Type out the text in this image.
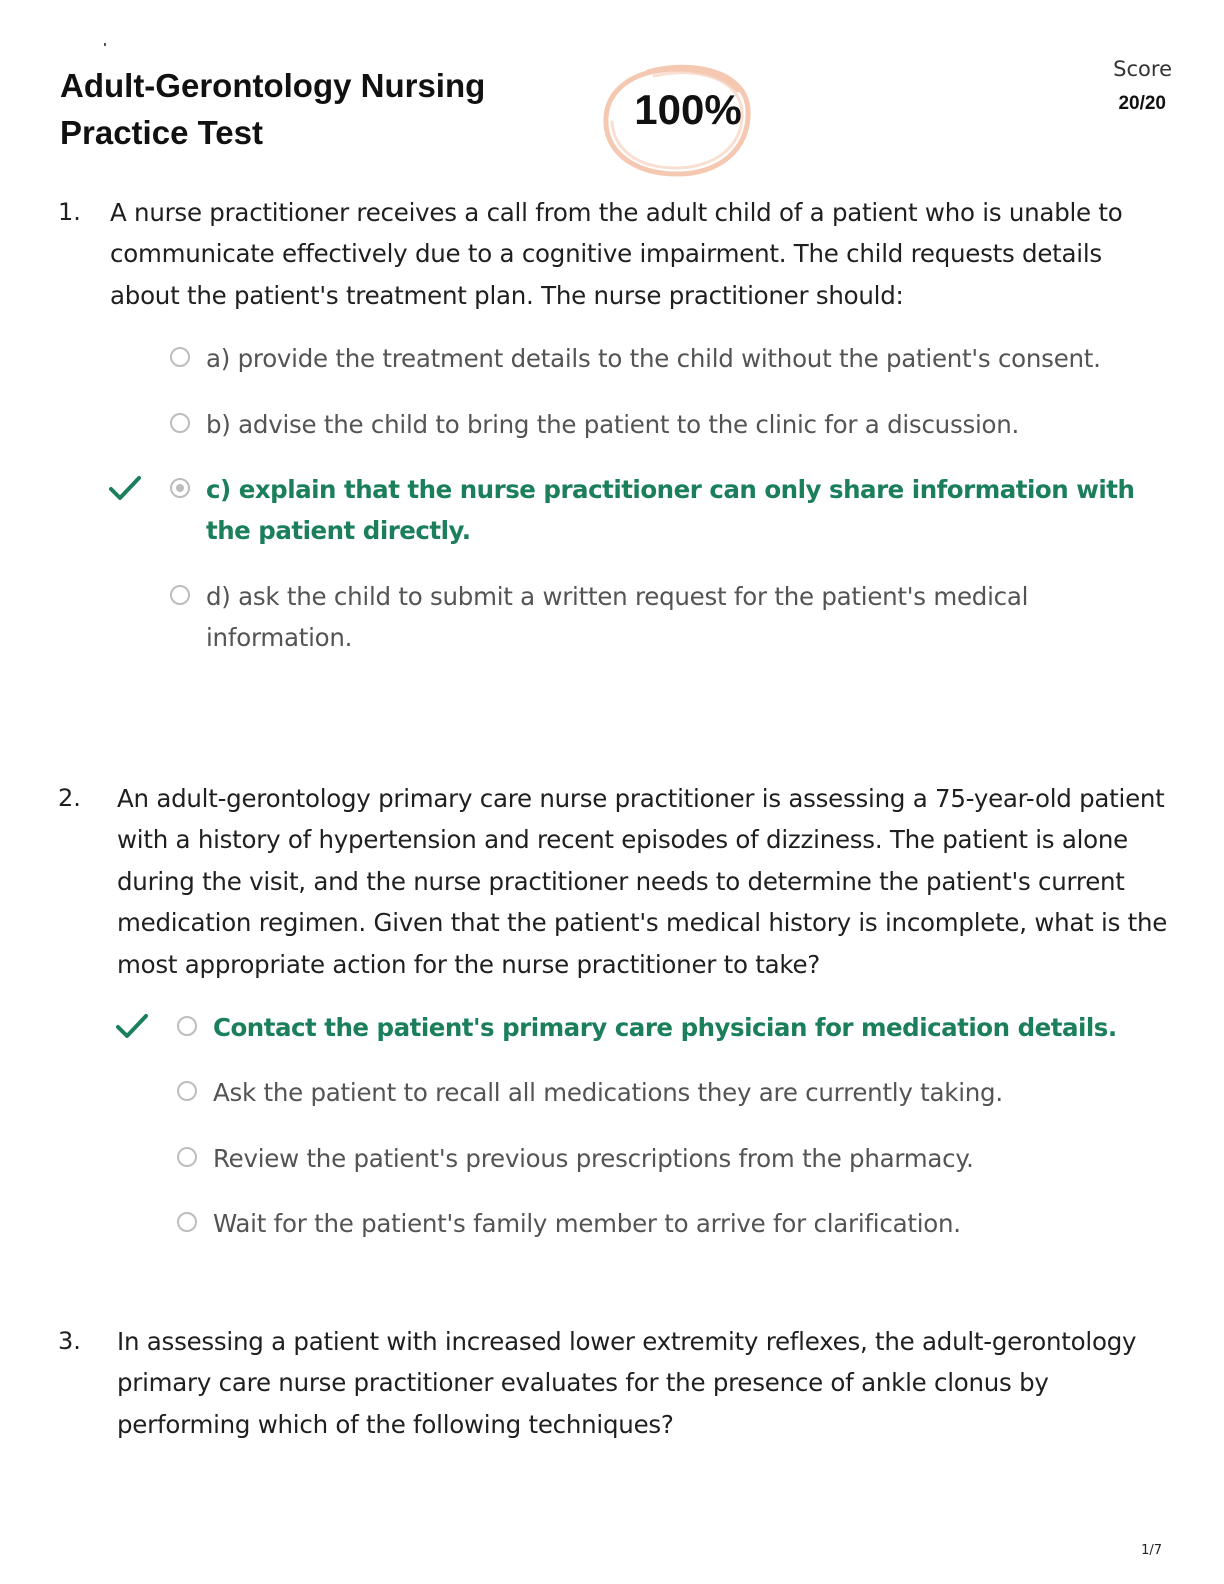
Adult-Gerontology Nursing
Practice Test	100%
Score
20/20
1. A nurse practitioner receives a call from the adult child of a patient who is unable to communicate effectively due to a cognitive impairment. The child requests details about the patient's treatment plan. The nurse practitioner should:
a) provide the treatment details to the child without the patient's consent.
b) advise the child to bring the patient to the clinic for a discussion.
c) explain that the nurse practitioner can only share information with the patient directly.
d) ask the child to submit a written request for the patient's medical information.
2. An adult-gerontology primary care nurse practitioner is assessing a 75-year-old patient with a history of hypertension and recent episodes of dizziness. The patient is alone during the visit, and the nurse practitioner needs to determine the patient's current medication regimen. Given that the patient's medical history is incomplete, what is the most appropriate action for the nurse practitioner to take?
Contact the patient's primary care physician for medication details.
Ask the patient to recall all medications they are currently taking.
Review the patient's previous prescriptions from the pharmacy.
Wait for the patient's family member to arrive for clarification.
3. In assessing a patient with increased lower extremity reflexes, the adult-gerontology primary care nurse practitioner evaluates for the presence of ankle clonus by performing which of the following techniques?
1/7
